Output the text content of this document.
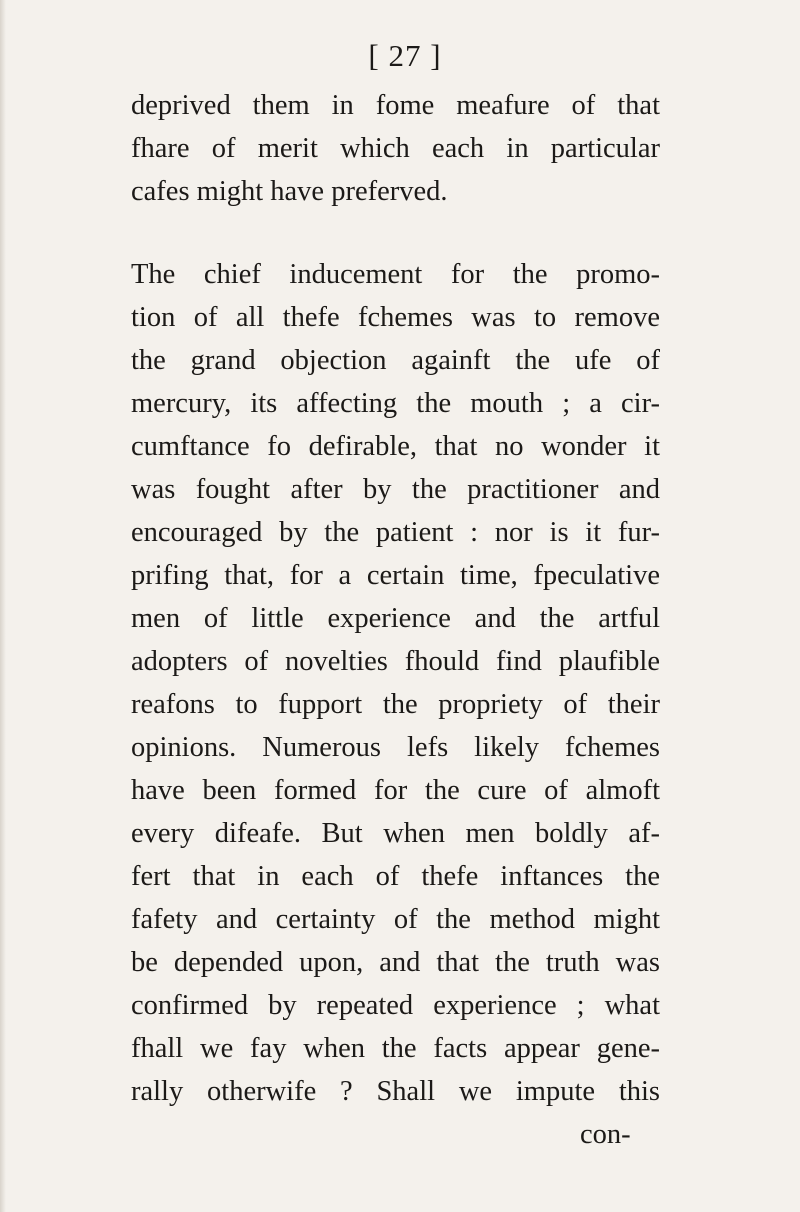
[ 27 ]
deprived them in fome meafure of that
fhare of merit which each in particular
cafes might have preferved.
The chief inducement for the promo-
tion of all thefe fchemes was to remove
the grand objection againft the ufe of
mercury, its affecting the mouth ; a cir-
cumftance fo defirable, that no wonder it
was fought after by the practitioner and
encouraged by the patient : nor is it fur-
prifing that, for a certain time, fpeculative
men of little experience and the artful
adopters of novelties fhould find plaufible
reafons to fupport the propriety of their
opinions. Numerous lefs likely fchemes
have been formed for the cure of almoft
every difeafe. But when men boldly af-
fert that in each of thefe inftances the
fafety and certainty of the method might
be depended upon, and that the truth was
confirmed by repeated experience ; what
fhall we fay when the facts appear gene-
rally otherwife ? Shall we impute this
con-
